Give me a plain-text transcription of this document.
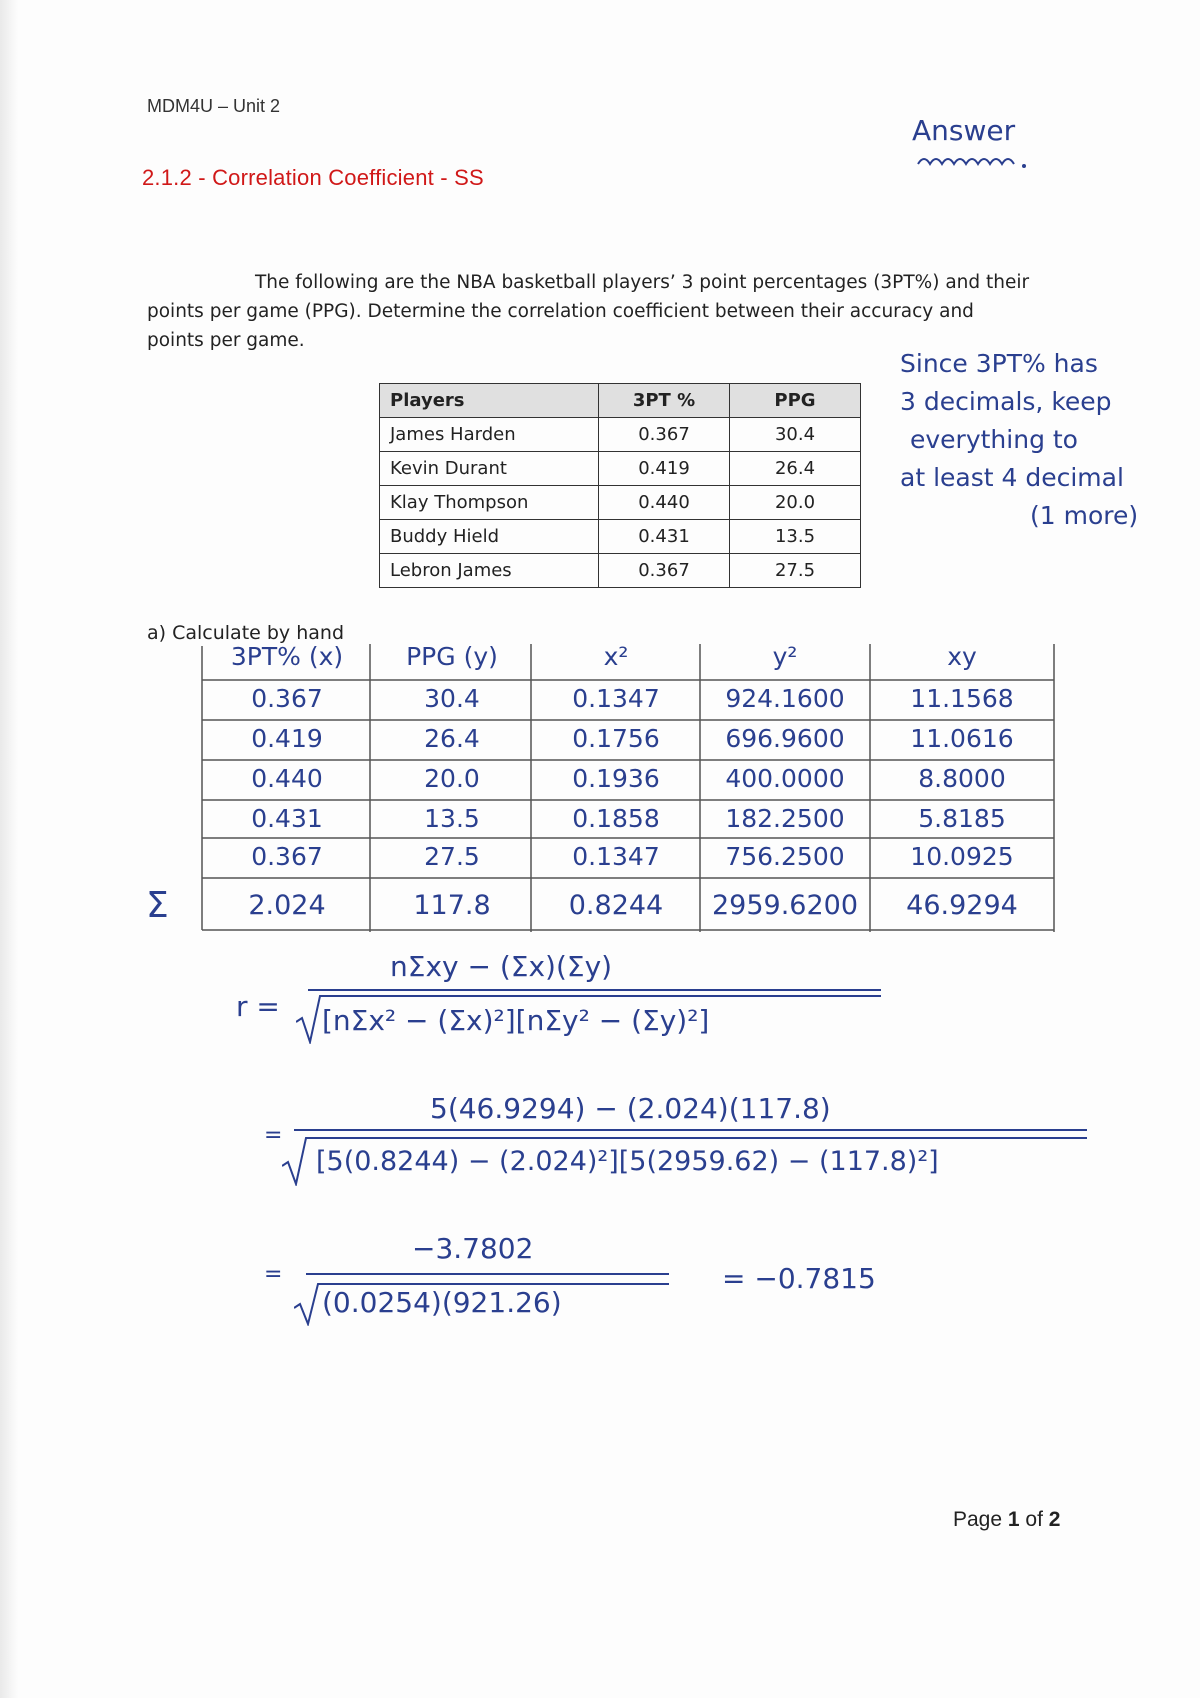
MDM4U – Unit 2
2.1.2 - Correlation Coefficient - SS
Answer
The following are the NBA basketball players’ 3 point percentages (3PT%) and their
points per game (PPG). Determine the correlation coefficient between their accuracy and
points per game.
Players	3PT %	PPG
James Harden	0.367	30.4
Kevin Durant	0.419	26.4
Klay Thompson	0.440	20.0
Buddy Hield	0.431	13.5
Lebron James	0.367	27.5
Since 3PT% has
3 decimals, keep
everything to
at least 4 decimal
(1 more)
a) Calculate by hand
3PT% (x)	PPG (y)	x²	y²	xy
0.367	30.4	0.1347	924.1600	11.1568
0.419	26.4	0.1756	696.9600	11.0616
0.440	20.0	0.1936	400.0000	8.8000
0.431	13.5	0.1858	182.2500	5.8185
0.367	27.5	0.1347	756.2500	10.0925
Σ	2.024	117.8	0.8244	2959.6200	46.9294
r =
nΣxy − (Σx)(Σy)
[nΣx² − (Σx)²][nΣy² − (Σy)²]
=
5(46.9294) − (2.024)(117.8)
[5(0.8244) − (2.024)²][5(2959.62) − (117.8)²]
=
−3.7802
(0.0254)(921.26)
= −0.7815
Page 1 of 2
